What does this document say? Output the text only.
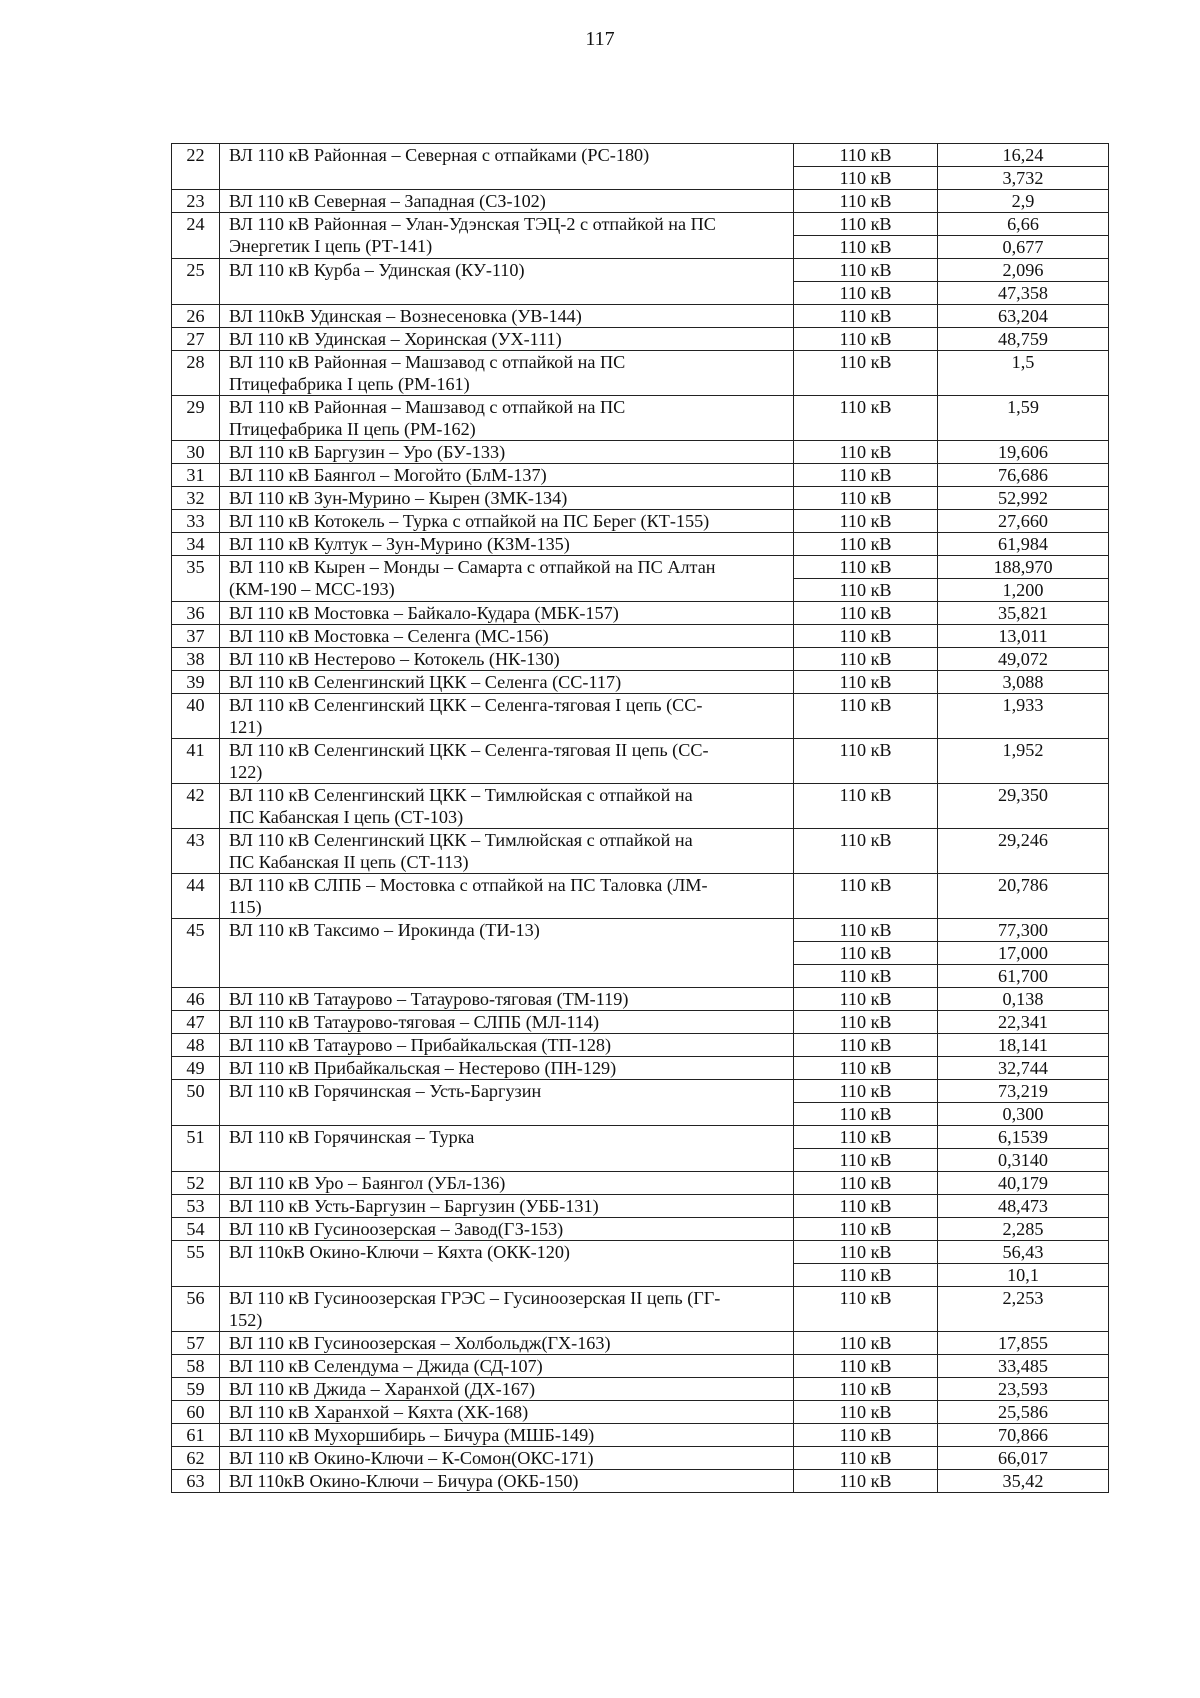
117
22	ВЛ 110 кВ Районная – Северная с отпайками (РС-180)	110 кВ	16,24
		110 кВ	3,732
23	ВЛ 110 кВ Северная – Западная (СЗ-102)	110 кВ	2,9
24	ВЛ 110 кВ Районная – Улан-Удэнская ТЭЦ-2 с отпайкой на ПС
Энергетик I цепь (РТ-141)	110 кВ	6,66
		110 кВ	0,677
25	ВЛ 110 кВ Курба – Удинская (КУ-110)	110 кВ	2,096
		110 кВ	47,358
26	ВЛ 110кВ Удинская – Вознесеновка (УВ-144)	110 кВ	63,204
27	ВЛ 110 кВ Удинская – Хоринская (УХ-111)	110 кВ	48,759
28	ВЛ 110 кВ Районная – Машзавод с отпайкой на ПС
Птицефабрика I цепь (РМ-161)	110 кВ	1,5
29	ВЛ 110 кВ Районная – Машзавод с отпайкой на ПС
Птицефабрика II цепь (РМ-162)	110 кВ	1,59
30	ВЛ 110 кВ Баргузин – Уро (БУ-133)	110 кВ	19,606
31	ВЛ 110 кВ Баянгол – Могойто (БлМ-137)	110 кВ	76,686
32	ВЛ 110 кВ Зун-Мурино – Кырен (ЗМК-134)	110 кВ	52,992
33	ВЛ 110 кВ Котокель – Турка с отпайкой на ПС Берег (КТ-155)	110 кВ	27,660
34	ВЛ 110 кВ Култук – Зун-Мурино (КЗМ-135)	110 кВ	61,984
35	ВЛ 110 кВ Кырен – Монды – Самарта с отпайкой на ПС Алтан
(КМ-190 – МСС-193)	110 кВ	188,970
		110 кВ	1,200
36	ВЛ 110 кВ Мостовка – Байкало-Кудара (МБК-157)	110 кВ	35,821
37	ВЛ 110 кВ Мостовка – Селенга (МС-156)	110 кВ	13,011
38	ВЛ 110 кВ Нестерово – Котокель (НК-130)	110 кВ	49,072
39	ВЛ 110 кВ Селенгинский ЦКК – Селенга (СС-117)	110 кВ	3,088
40	ВЛ 110 кВ Селенгинский ЦКК – Селенга-тяговая I цепь (СС-
121)	110 кВ	1,933
41	ВЛ 110 кВ Селенгинский ЦКК – Селенга-тяговая II цепь (СС-
122)	110 кВ	1,952
42	ВЛ 110 кВ Селенгинский ЦКК – Тимлюйская с отпайкой на
ПС Кабанская I цепь (СТ-103)	110 кВ	29,350
43	ВЛ 110 кВ Селенгинский ЦКК – Тимлюйская с отпайкой на
ПС Кабанская II цепь (СТ-113)	110 кВ	29,246
44	ВЛ 110 кВ СЛПБ – Мостовка с отпайкой на ПС Таловка (ЛМ-
115)	110 кВ	20,786
45	ВЛ 110 кВ Таксимо – Ирокинда (ТИ-13)	110 кВ	77,300
		110 кВ	17,000
		110 кВ	61,700
46	ВЛ 110 кВ Татаурово – Татаурово-тяговая (ТМ-119)	110 кВ	0,138
47	ВЛ 110 кВ Татаурово-тяговая – СЛПБ (МЛ-114)	110 кВ	22,341
48	ВЛ 110 кВ Татаурово – Прибайкальская (ТП-128)	110 кВ	18,141
49	ВЛ 110 кВ Прибайкальская – Нестерово (ПН-129)	110 кВ	32,744
50	ВЛ 110 кВ Горячинская – Усть-Баргузин	110 кВ	73,219
		110 кВ	0,300
51	ВЛ 110 кВ Горячинская – Турка	110 кВ	6,1539
		110 кВ	0,3140
52	ВЛ 110 кВ Уро – Баянгол (УБл-136)	110 кВ	40,179
53	ВЛ 110 кВ Усть-Баргузин – Баргузин (УББ-131)	110 кВ	48,473
54	ВЛ 110 кВ Гусиноозерская – Завод(ГЗ-153)	110 кВ	2,285
55	ВЛ 110кВ Окино-Ключи – Кяхта (ОКК-120)	110 кВ	56,43
		110 кВ	10,1
56	ВЛ 110 кВ Гусиноозерская ГРЭС – Гусиноозерская II цепь (ГГ-
152)	110 кВ	2,253
57	ВЛ 110 кВ Гусиноозерская – Холбольдж(ГХ-163)	110 кВ	17,855
58	ВЛ 110 кВ Селендума – Джида (СД-107)	110 кВ	33,485
59	ВЛ 110 кВ Джида – Харанхой (ДХ-167)	110 кВ	23,593
60	ВЛ 110 кВ Харанхой – Кяхта (ХК-168)	110 кВ	25,586
61	ВЛ 110 кВ Мухоршибирь – Бичура (МШБ-149)	110 кВ	70,866
62	ВЛ 110 кВ Окино-Ключи – К-Сомон(ОКС-171)	110 кВ	66,017
63	ВЛ 110кВ Окино-Ключи – Бичура (ОКБ-150)	110 кВ	35,42
